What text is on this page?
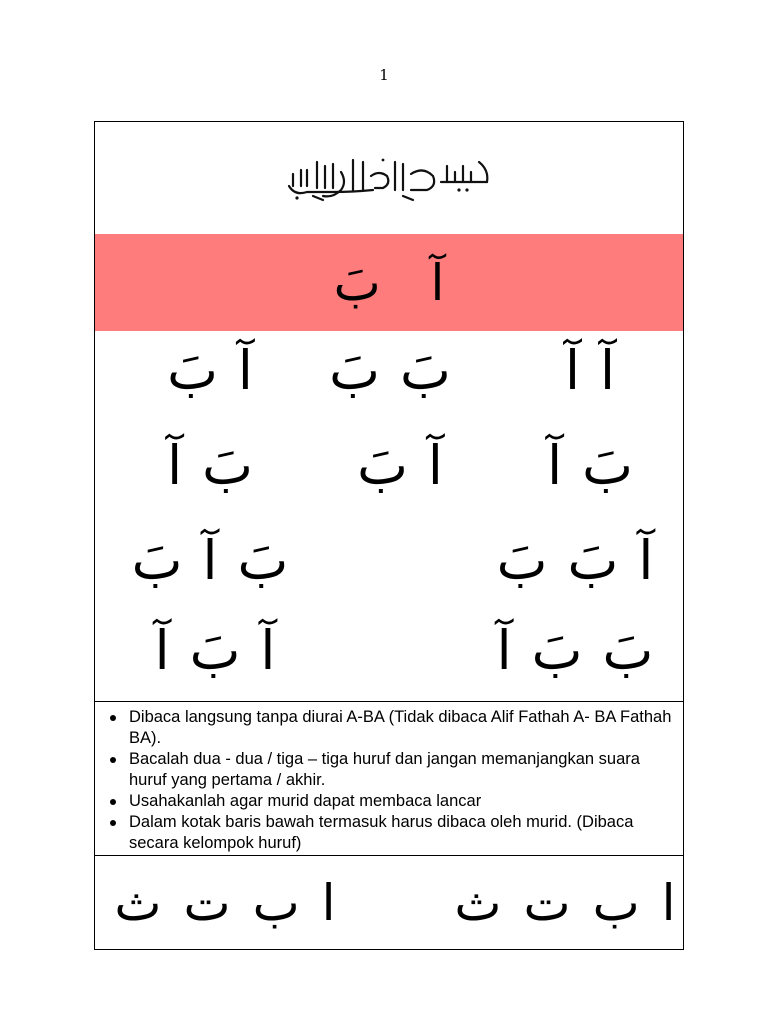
1
آ بَ
آ
آ
بَ
بَ
آ
بَ
بَ
آ
آ
بَ
بَ
آ
آ
بَ
بَ
بَ
آ
بَ
بَ
بَ
آ
آ
بَ
آ
Dibaca langsung tanpa diurai A-BA (Tidak dibaca Alif Fathah A- BA Fathah BA).
Bacalah dua - dua / tiga – tiga huruf dan jangan memanjangkan suara huruf yang pertama / akhir.
Usahakanlah agar murid dapat membaca lancar
Dalam kotak baris bawah termasuk harus dibaca oleh murid. (Dibaca secara kelompok huruf)
ا
ب
ت
ث
ا
ب
ت
ث
